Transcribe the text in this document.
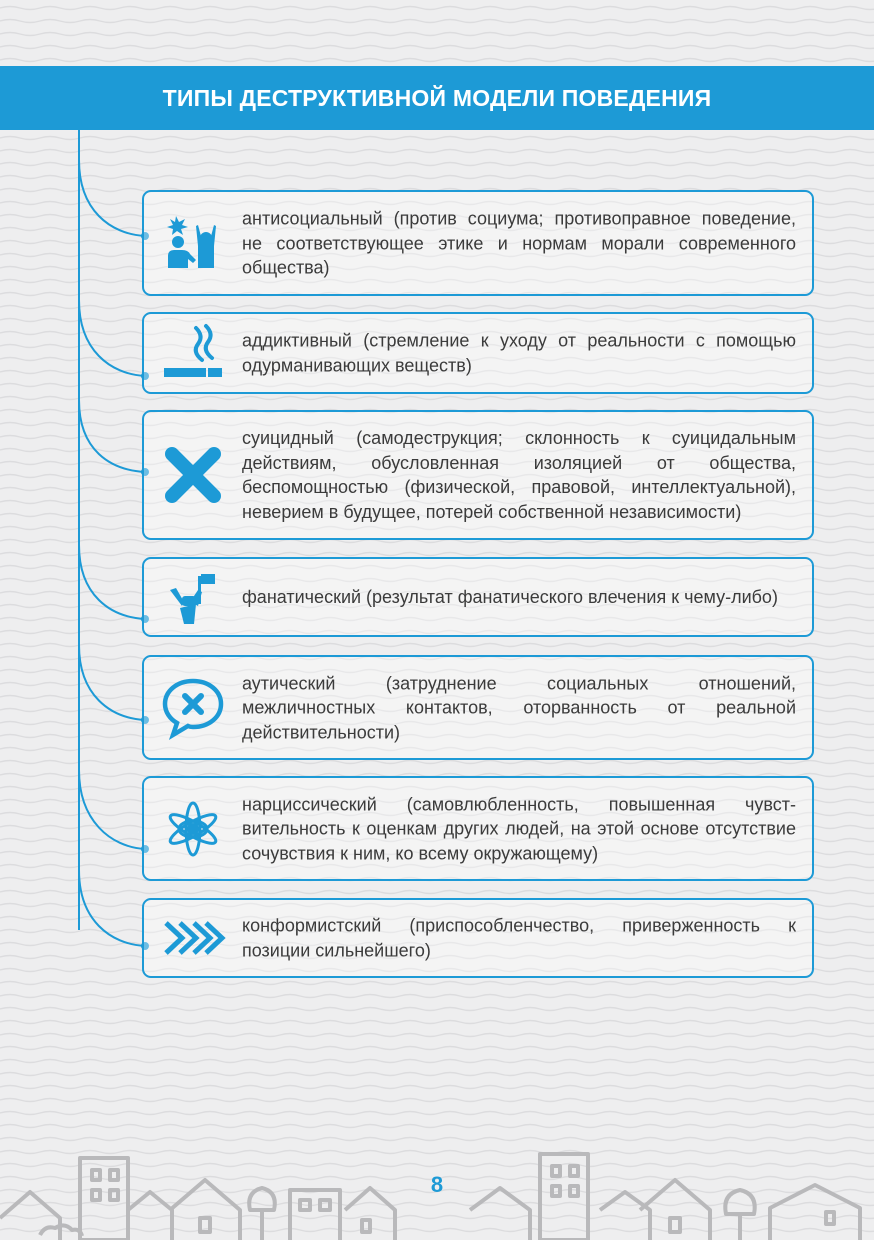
ТИПЫ ДЕСТРУКТИВНОЙ МОДЕЛИ ПОВЕДЕНИЯ
антисоциальный (против социума; противоправное поведение, не соответствующее этике и нормам морали современного общества)
аддиктивный (стремление к уходу от реальности с помощью одурманивающих веществ)
суицидный (самодеструкция; склонность к суицидальным действиям, обусловленная изоляцией от общества, беспомощностью (физической, правовой, интеллектуальной), неверием в будущее, потерей собственной независимости)
фанатический (результат фанатического влечения к чему-либо)
аутический (затруднение социальных отношений, межличностных контактов, оторванность от реальной действительности)
нарциссический (самовлюбленность, повышенная чувст-вительность к оценкам других людей, на этой основе отсутствие сочувствия к ним, ко всему окружающему)
конформистский (приспособленчество, приверженность к позиции сильнейшего)
8
